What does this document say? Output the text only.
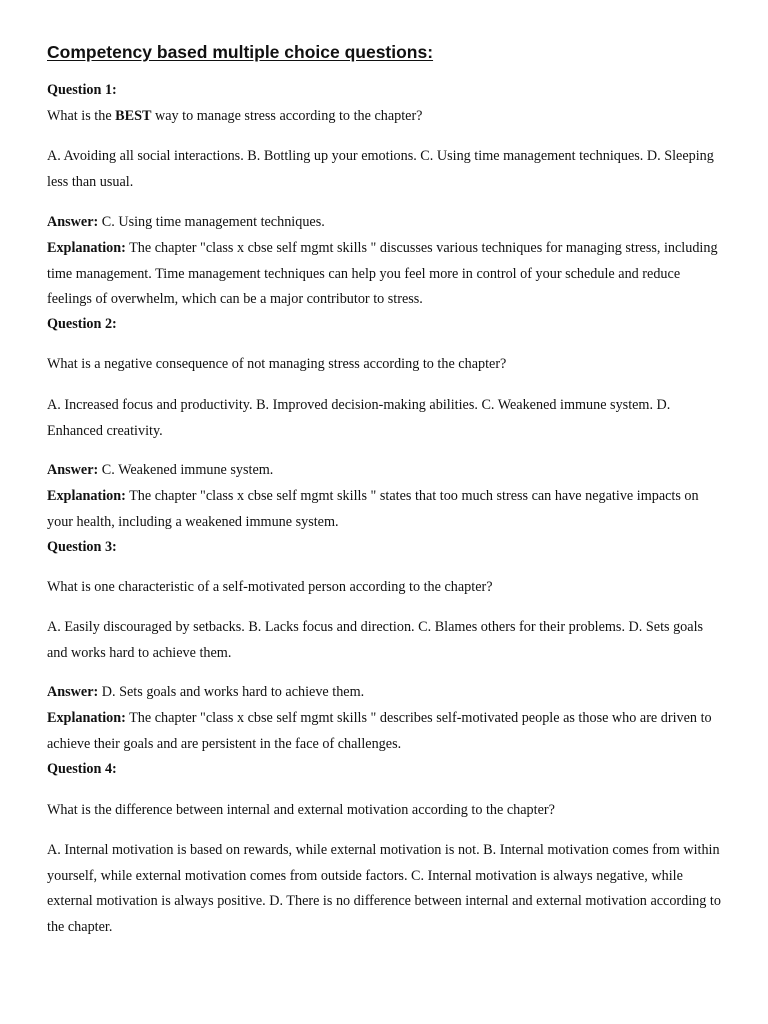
Competency based multiple choice questions:
Question 1:
What is the BEST way to manage stress according to the chapter?
A. Avoiding all social interactions. B. Bottling up your emotions. C. Using time management techniques. D. Sleeping less than usual.
Answer: C. Using time management techniques.
Explanation: The chapter "class x cbse self mgmt skills " discusses various techniques for managing stress, including time management. Time management techniques can help you feel more in control of your schedule and reduce feelings of overwhelm, which can be a major contributor to stress.
Question 2:
What is a negative consequence of not managing stress according to the chapter?
A. Increased focus and productivity. B. Improved decision-making abilities. C. Weakened immune system. D. Enhanced creativity.
Answer: C. Weakened immune system.
Explanation: The chapter "class x cbse self mgmt skills " states that too much stress can have negative impacts on your health, including a weakened immune system.
Question 3:
What is one characteristic of a self-motivated person according to the chapter?
A. Easily discouraged by setbacks. B. Lacks focus and direction. C. Blames others for their problems. D. Sets goals and works hard to achieve them.
Answer: D. Sets goals and works hard to achieve them.
Explanation: The chapter "class x cbse self mgmt skills " describes self-motivated people as those who are driven to achieve their goals and are persistent in the face of challenges.
Question 4:
What is the difference between internal and external motivation according to the chapter?
A. Internal motivation is based on rewards, while external motivation is not. B. Internal motivation comes from within yourself, while external motivation comes from outside factors. C. Internal motivation is always negative, while external motivation is always positive. D. There is no difference between internal and external motivation according to the chapter.
